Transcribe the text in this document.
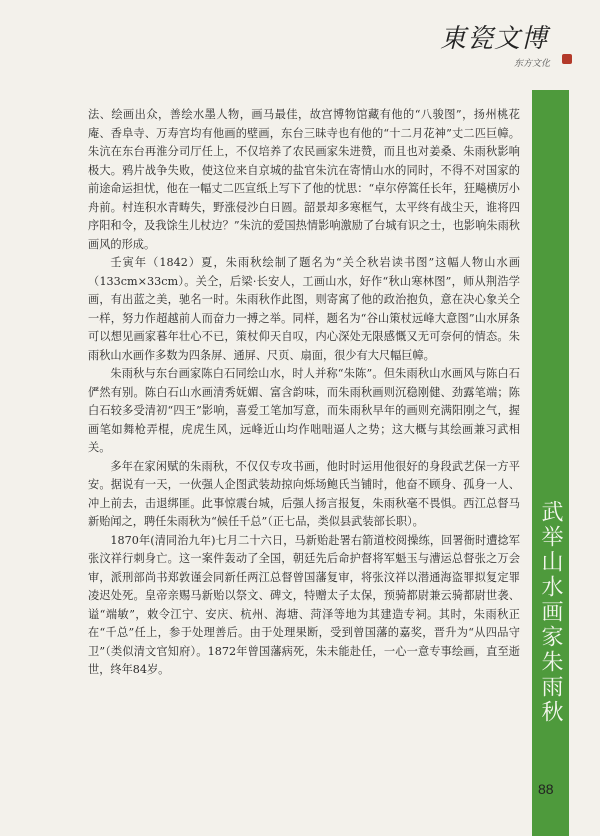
東瓷文博
东方文化
武举山水画家朱雨秋
88

法、绘画出众，善绘水墨人物，画马最佳，故宫博物馆藏有他的“八骏图”，扬州桃花庵、香阜寺、万寿宫均有他画的壁画，东台三昧寺也有他的“十二月花神”丈二匹巨幛。朱沆在东台再淮分司厅任上，不仅培养了农民画家朱进赞，而且也对姜桑、朱雨秋影响极大。鸦片战争失败，使这位来自京城的盐官朱沆在寄情山水的同时，不得不对国家的前途命运担忧，他在一幅丈二匹宣纸上写下了他的忧思：“卓尔停篙任长年，狂飚横厉小舟前。村连积水青畴失，野涨侵沙白日圆。韶景却多寒框气，太平终有战尘天，谁将四序阳和令，及我馀生儿杖边？”朱沆的爱国热情影响激励了台城有识之士，也影响朱雨秋画风的形成。

壬寅年（1842）夏，朱雨秋绘制了题名为“关仝秋岩读书图”这幅人物山水画（133cm×33cm）。关仝，后梁·长安人，工画山水，好作“秋山寒林图”，师从荆浩学画，有出蓝之美，驰名一时。朱雨秋作此图，则寄寓了他的政治抱负，意在决心象关仝一样，努力作超越前人而奋力一搏之举。同样，题名为“谷山策杖远峰大意图”山水屏条可以想见画家暮年壮心不已，策杖仰天自叹，内心深处无限感慨又无可奈何的情态。朱雨秋山水画作多数为四条屏、通屏、尺页、扇面，很少有大尺幅巨幛。

朱雨秋与东台画家陈白石同绘山水，时人并称“朱陈”。但朱雨秋山水画风与陈白石俨然有别。陈白石山水画清秀妩媚、富含韵味，而朱雨秋画则沉稳刚健、劲露笔端；陈白石较多受清初“四王”影响，喜爱工笔加写意，而朱雨秋早年的画则充满阳刚之气，握画笔如舞枪弄棍，虎虎生风，远峰近山均作咄咄逼人之势；这大概与其绘画兼习武相关。

多年在家闲赋的朱雨秋，不仅仅专攻书画，他时时运用他很好的身段武艺保一方平安。据说有一天，一伙强人企图武装劫掠向烁场鲍氏当铺时，他奋不顾身、孤身一人、冲上前去，击退绑匪。此事惊震台城，后强人扬言报复，朱雨秋毫不畏惧。西江总督马新贻闻之，聘任朱雨秋为“候任千总”（正七品，类似县武装部长职）。

1870年(清同治九年)七月二十六日，马新贻赴署右箭道校阅操练，回署衙时遭捻军张汶祥行刺身亡。这一案件轰动了全国，朝廷先后命护督将军魁玉与漕运总督张之万会审，派刑部尚书郑敦谨会同新任两江总督曾国藩复审，将张汶祥以潜通海盗罪拟复定罪凌迟处死。皇帝亲赐马新贻以祭文、碑文，特赠太子太保，预骑都尉兼云骑都尉世袭、谥“端敏”，敕令江宁、安庆、杭州、海塘、菏泽等地为其建造专祠。其时，朱雨秋正在“千总”任上，参于处理善后。由于处理果断，受到曾国藩的嘉奖，晋升为“从四品守卫”（类似清文官知府）。1872年曾国藩病死，朱未能赴任，一心一意专事绘画，直至逝世，终年84岁。
